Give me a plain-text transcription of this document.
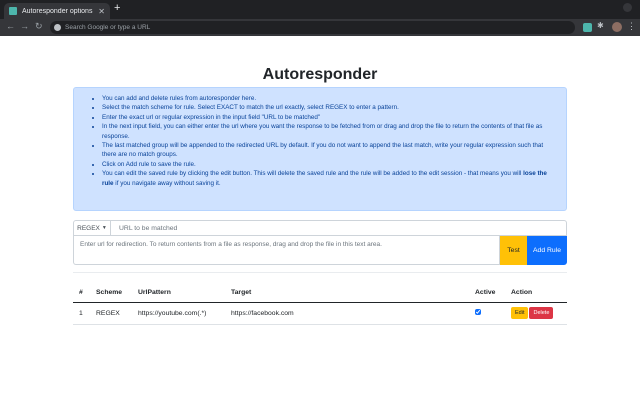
Autoresponder options ✕ +
← → ↻	Search Google or type a URL	✱	⋮
Autoresponder
• You can add and delete rules from autoresponder here.
• Select the match scheme for rule. Select EXACT to match the url exactly, select REGEX to enter a pattern.
• Enter the exact url or regular expression in the input field "URL to be matched"
• In the next input field, you can either enter the url where you want the response to be fetched from or drag and drop the file to return the contents of that file as response.
• The last matched group will be appended to the redirected URL by default. If you do not want to append the last match, write your regular expression such that there are no match groups.
• Click on Add rule to save the rule.
• You can edit the saved rule by clicking the edit button. This will delete the saved rule and the rule will be added to the edit session - that means you will lose the rule if you navigate away without saving it.
REGEX ▼
URL to be matched
Enter url for redirection. To return contents from a file as response, drag and drop the file in this text area.
Test	Add Rule
#	Scheme	UrlPattern	Target	Active	Action
1	REGEX	https://youtube.com(.*)	https://facebook.com		Edit Delete
